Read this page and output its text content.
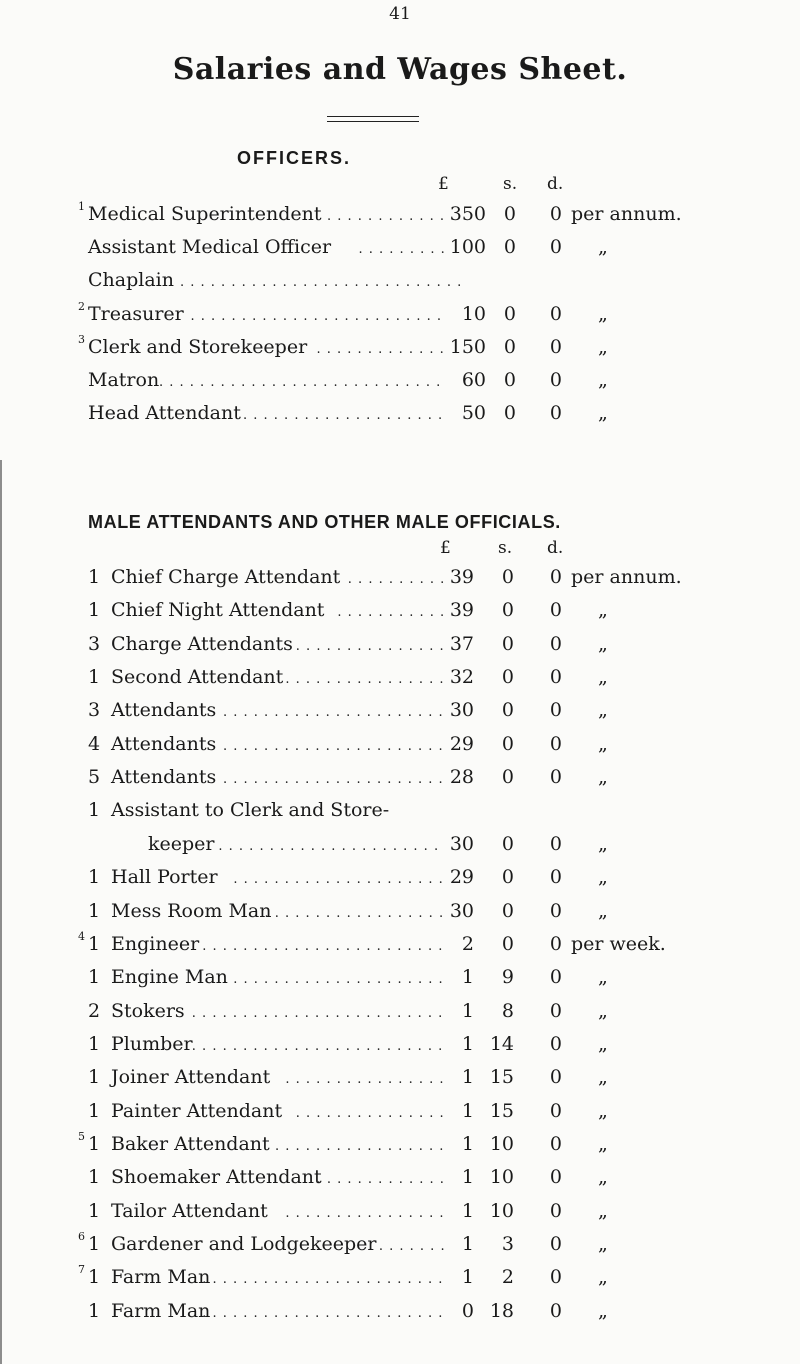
41
Salaries and Wages Sheet.
OFFICERS.
£	s. d.
1 Medical Superintendent . . .	350 0	0 per annum.
Assistant Medical Officer . . .	100 0	0 „
Chaplain
. . .
2 Treasurer . . .	10 0	0 „
3 Clerk and Storekeeper . . .	150 0	0 „
Matron . . .	60 0	0 „
Head Attendant . . .	50 0	0 „
MALE ATTENDANTS AND OTHER MALE OFFICIALS.
£	s. d.
1 Chief Charge Attendant . . .	39	0	0 per annum.
1 Chief Night Attendant . . .	39	0	0 „
3 Charge Attendants . . .	37	0	0 „
1 Second Attendant . . .	32	0	0 „
3 Attendants . . .	30	0	0 „
4 Attendants . . .	29	0	0 „
5 Attendants . . .	28	0	0 „
1 Assistant to Clerk and Store-
keeper . . .	30	0	0 „
1 Hall Porter . . .	29	0	0 „
1 Mess Room Man . . .	30	0	0 „
4 1 Engineer . . .	2	0	0 per week.
1 Engine Man . . .	1	9	0 „
2 Stokers . . .	1	8	0 „
1 Plumber . . .	1 14	0 „
1 Joiner Attendant . . .	1 15	0 „
1 Painter Attendant . . .	1 15	0 „
5 1 Baker Attendant . . .	1 10	0 „
1 Shoemaker Attendant . . .	1 10	0 „
1 Tailor Attendant . . .	1 10	0 „
6 1 Gardener and Lodgekeeper . . .	1	3	0 „
7 1 Farm Man . . .	1	2	0 „
1 Farm Man . . .	0 18	0 „
